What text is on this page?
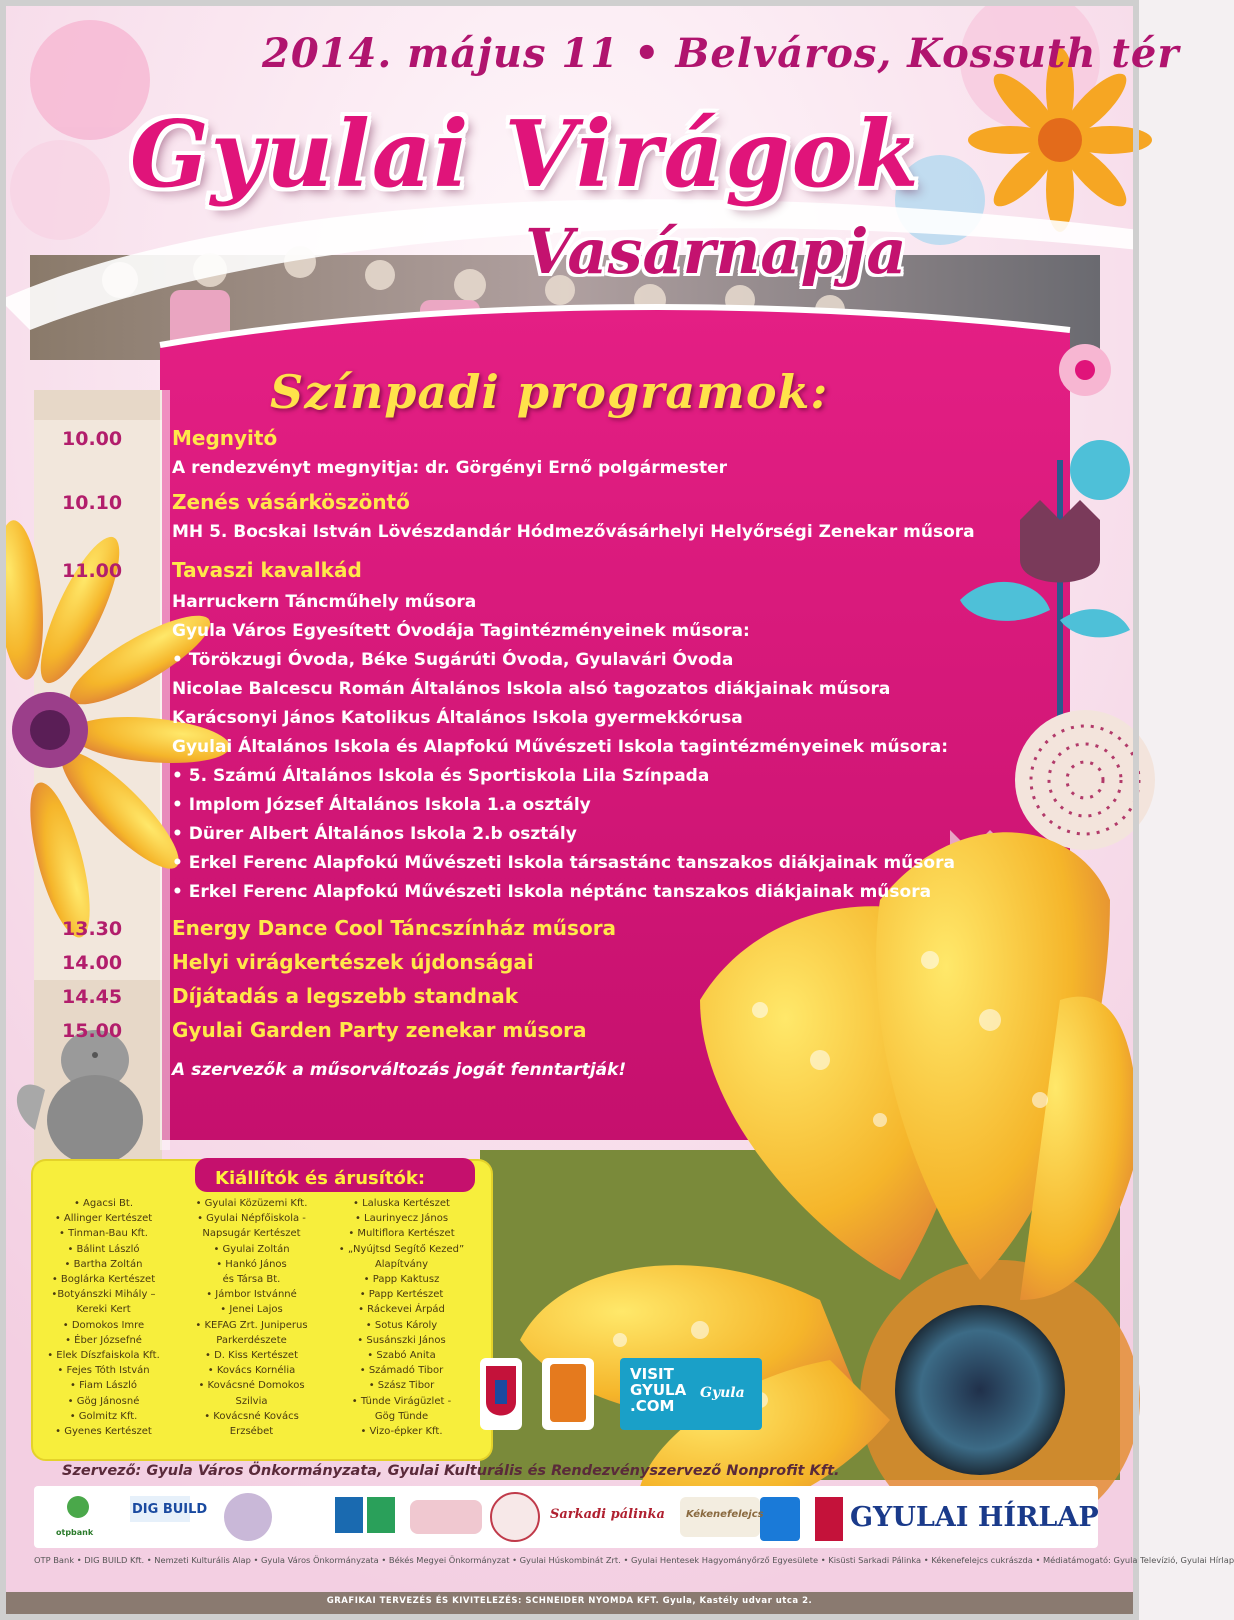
2014. május 11 • Belváros, Kossuth tér
Gyulai Virágok
Vasárnapja
Színpadi programok:
10.00	Megnyitó
A rendezvényt megnyitja: dr. Görgényi Ernő polgármester
10.10	Zenés vásárköszöntő
MH 5. Bocskai István Lövészdandár Hódmezővásárhelyi Helyőrségi Zenekar műsora
11.00	Tavaszi kavalkád
Harruckern Táncműhely műsora
Gyula Város Egyesített Óvodája Tagintézményeinek műsora:
• Törökzugi Óvoda, Béke Sugárúti Óvoda, Gyulavári Óvoda
Nicolae Balcescu Román Általános Iskola alsó tagozatos diákjainak műsora
Karácsonyi János Katolikus Általános Iskola gyermekkórusa
Gyulai Általános Iskola és Alapfokú Művészeti Iskola tagintézményeinek műsora:
• 5. Számú Általános Iskola és Sportiskola Lila Színpada
• Implom József Általános Iskola 1.a osztály
• Dürer Albert Általános Iskola 2.b osztály
• Erkel Ferenc Alapfokú Művészeti Iskola társastánc tanszakos diákjainak műsora
• Erkel Ferenc Alapfokú Művészeti Iskola néptánc tanszakos diákjainak műsora
13.30	Energy Dance Cool Táncszínház műsora
14.00	Helyi virágkertészek újdonságai
14.45	Díjátadás a legszebb standnak
15.00	Gyulai Garden Party zenekar műsora
A szervezők a műsorváltozás jogát fenntartják!
Kiállítók és árusítók:
• Agacsi Bt.
• Allinger Kertészet
• Tinman-Bau Kft.
• Bálint László
• Bartha Zoltán
• Boglárka Kertészet
•Botyánszki Mihály –
Kereki Kert
• Domokos Imre
• Éber Józsefné
• Elek Díszfaiskola Kft.
• Fejes Tóth István
• Fiam László
• Gög Jánosné
• Golmitz Kft.
• Gyenes Kertészet
• Gyulai Közüzemi Kft.
• Gyulai Népfőiskola -
Napsugár Kertészet
• Gyulai Zoltán
• Hankó János
és Társa Bt.
• Jámbor Istvánné
• Jenei Lajos
• KEFAG Zrt. Juniperus
Parkerdészete
• D. Kiss Kertészet
• Kovács Kornélia
• Kovácsné Domokos
Szilvia
• Kovácsné Kovács
Erzsébet
• Laluska Kertészet
• Laurinyecz János
• Multiflora Kertészet
• „Nyújtsd Segítő Kezed”
Alapítvány
• Papp Kaktusz
• Papp Kertészet
• Ráckevei Árpád
• Sotus Károly
• Susánszki János
• Szabó Anita
• Számadó Tibor
• Szász Tibor
• Tünde Virágüzlet -
Gög Tünde
• Vizo-épker Kft.
VISIT
GYULA
.COM
Gyula
Szervező: Gyula Város Önkormányzata, Gyulai Kulturális és Rendezvényszervező Nonprofit Kft.
otpbank
DIG BUILD	Sarkadi pálinka Kékenefelejcs	GYULAI HÍRLAP
OTP Bank • DIG BUILD Kft. • Nemzeti Kulturális Alap • Gyula Város Önkormányzata • Békés Megyei Önkormányzat • Gyulai Húskombinát Zrt. • Gyulai Hentesek Hagyományőrző Egyesülete • Kisüsti Sarkadi Pálinka • Kékenefelejcs cukrászda • Médiatámogató: Gyula Televízió, Gyulai Hírlap
GRAFIKAI TERVEZÉS ÉS KIVITELEZÉS: SCHNEIDER NYOMDA KFT. Gyula, Kastély udvar utca 2.
